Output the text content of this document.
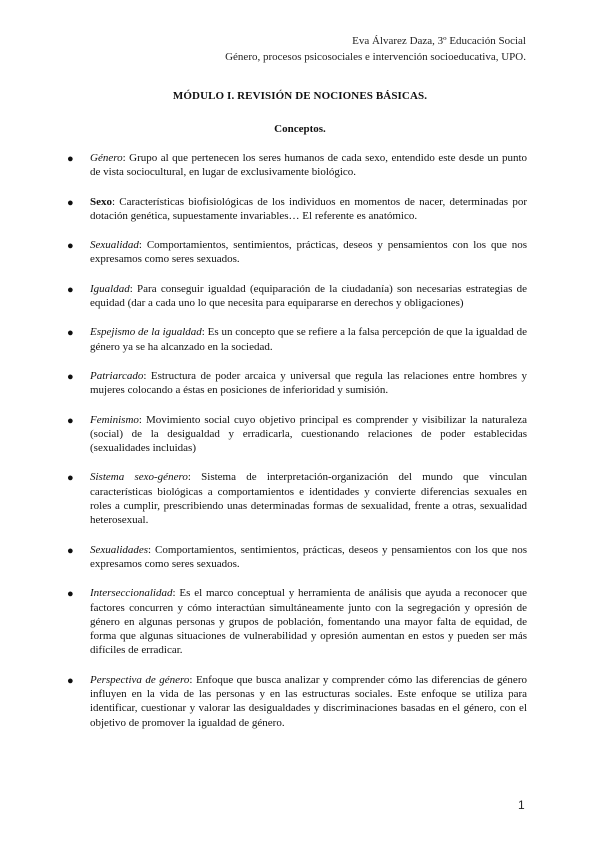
Eva Álvarez Daza, 3º Educación Social
Género, procesos psicosociales e intervención socioeducativa, UPO.
MÓDULO I. REVISIÓN DE NOCIONES BÁSICAS.
Conceptos.
● Género: Grupo al que pertenecen los seres humanos de cada sexo, entendido este desde un punto de vista sociocultural, en lugar de exclusivamente biológico.
● Sexo: Características biofisiológicas de los individuos en momentos de nacer, determinadas por dotación genética, supuestamente invariables… El referente es anatómico.
● Sexualidad: Comportamientos, sentimientos, prácticas, deseos y pensamientos con los que nos expresamos como seres sexuados.
● Igualdad: Para conseguir igualdad (equiparación de la ciudadanía) son necesarias estrategias de equidad (dar a cada uno lo que necesita para equipararse en derechos y obligaciones)
● Espejismo de la igualdad: Es un concepto que se refiere a la falsa percepción de que la igualdad de género ya se ha alcanzado en la sociedad.
● Patriarcado: Estructura de poder arcaica y universal que regula las relaciones entre hombres y mujeres colocando a éstas en posiciones de inferioridad y sumisión.
● Feminismo: Movimiento social cuyo objetivo principal es comprender y visibilizar la naturaleza (social) de la desigualdad y erradicarla, cuestionando relaciones de poder establecidas (sexualidades incluidas)
● Sistema sexo-género: Sistema de interpretación-organización del mundo que vinculan características biológicas a comportamientos e identidades y convierte diferencias sexuales en roles a cumplir, prescribiendo unas determinadas formas de sexualidad, frente a otras, sexualidad heterosexual.
● Sexualidades: Comportamientos, sentimientos, prácticas, deseos y pensamientos con los que nos expresamos como seres sexuados.
● Interseccionalidad: Es el marco conceptual y herramienta de análisis que ayuda a reconocer que factores concurren y cómo interactúan simultáneamente junto con la segregación y opresión de género en algunas personas y grupos de población, fomentando una mayor falta de equidad, de forma que algunas situaciones de vulnerabilidad y opresión aumentan en estos y pueden ser más difíciles de erradicar.
● Perspectiva de género: Enfoque que busca analizar y comprender cómo las diferencias de género influyen en la vida de las personas y en las estructuras sociales. Este enfoque se utiliza para identificar, cuestionar y valorar las desigualdades y discriminaciones basadas en el género, con el objetivo de promover la igualdad de género.
1
